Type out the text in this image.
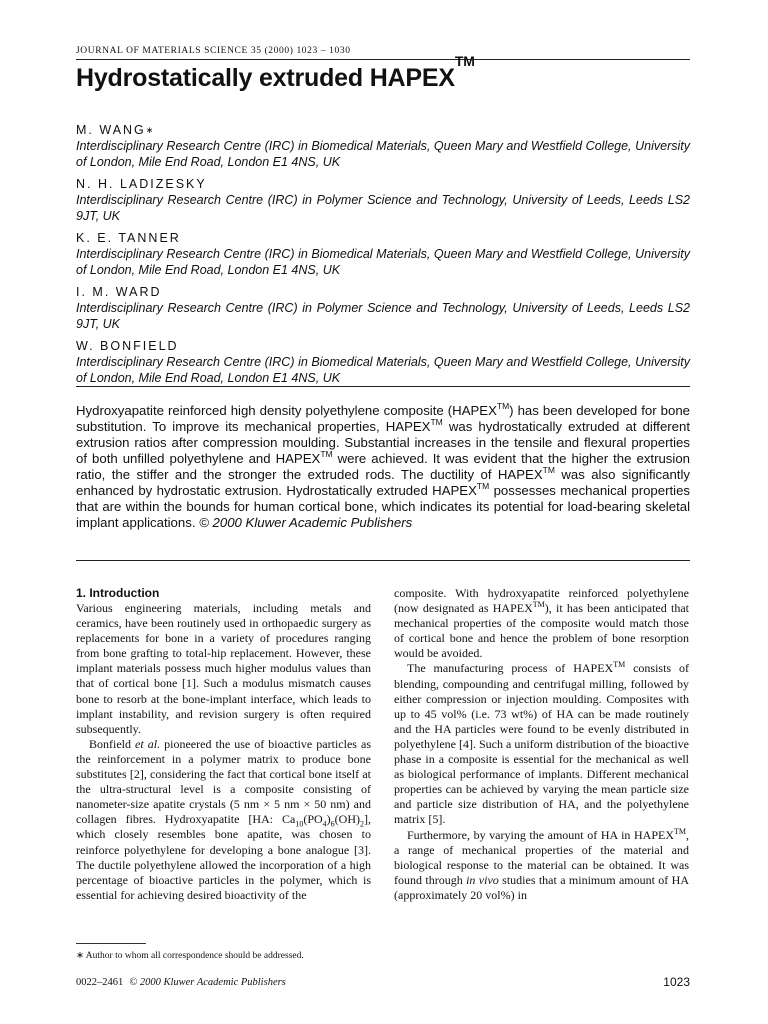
JOURNAL OF MATERIALS SCIENCE 35 (2000) 1023 – 1030
Hydrostatically extruded HAPEX™
M. WANG∗
Interdisciplinary Research Centre (IRC) in Biomedical Materials, Queen Mary and Westfield College, University of London, Mile End Road, London E1 4NS, UK
N. H. LADIZESKY
Interdisciplinary Research Centre (IRC) in Polymer Science and Technology, University of Leeds, Leeds LS2 9JT, UK
K. E. TANNER
Interdisciplinary Research Centre (IRC) in Biomedical Materials, Queen Mary and Westfield College, University of London, Mile End Road, London E1 4NS, UK
I. M. WARD
Interdisciplinary Research Centre (IRC) in Polymer Science and Technology, University of Leeds, Leeds LS2 9JT, UK
W. BONFIELD
Interdisciplinary Research Centre (IRC) in Biomedical Materials, Queen Mary and Westfield College, University of London, Mile End Road, London E1 4NS, UK
Hydroxyapatite reinforced high density polyethylene composite (HAPEX™) has been developed for bone substitution. To improve its mechanical properties, HAPEX™ was hydrostatically extruded at different extrusion ratios after compression moulding. Substantial increases in the tensile and flexural properties of both unfilled polyethylene and HAPEX™ were achieved. It was evident that the higher the extrusion ratio, the stiffer and the stronger the extruded rods. The ductility of HAPEX™ was also significantly enhanced by hydrostatic extrusion. Hydrostatically extruded HAPEX™ possesses mechanical properties that are within the bounds for human cortical bone, which indicates its potential for load-bearing skeletal implant applications. © 2000 Kluwer Academic Publishers
1. Introduction

Various engineering materials, including metals and ceramics, have been routinely used in orthopaedic surgery as replacements for bone in a variety of procedures ranging from bone grafting to total-hip replacement. However, these implant materials possess much higher modulus values than that of cortical bone [1]. Such a modulus mismatch causes bone to resorb at the bone-implant interface, which leads to implant instability, and revision surgery is often required subsequently.

Bonfield et al. pioneered the use of bioactive particles as the reinforcement in a polymer matrix to produce bone substitutes [2], considering the fact that cortical bone itself at the ultra-structural level is a composite consisting of nanometer-size apatite crystals (5 nm × 5 nm × 50 nm) and collagen fibres. Hydroxyapatite [HA: $Ca_{10}(PO_4)_6(OH)_2$], which closely resembles bone apatite, was chosen to reinforce polyethylene for developing a bone analogue [3]. The ductile polyethylene allowed the incorporation of a high percentage of bioactive particles in the polymer, which is essential for achieving desired bioactivity of the

composite. With hydroxyapatite reinforced polyethylene (now designated as HAPEX™), it has been anticipated that mechanical properties of the composite would match those of cortical bone and hence the problem of bone resorption would be avoided.

The manufacturing process of HAPEX™ consists of blending, compounding and centrifugal milling, followed by either compression or injection moulding. Composites with up to 45 vol% (i.e. 73 wt%) of HA can be made routinely and the HA particles were found to be evenly distributed in polyethylene [4]. Such a uniform distribution of the bioactive phase in a composite is essential for the mechanical as well as biological performance of implants. Different mechanical properties can be achieved by varying the mean particle size and particle size distribution of HA, and the polyethylene matrix [5].

Furthermore, by varying the amount of HA in HAPEX™, a range of mechanical properties of the material and biological response to the material can be obtained. It was found through in vivo studies that a minimum amount of HA (approximately 20 vol%) in

∗ Author to whom all correspondence should be addressed.
0022–2461 © 2000 Kluwer Academic Publishers	1023
